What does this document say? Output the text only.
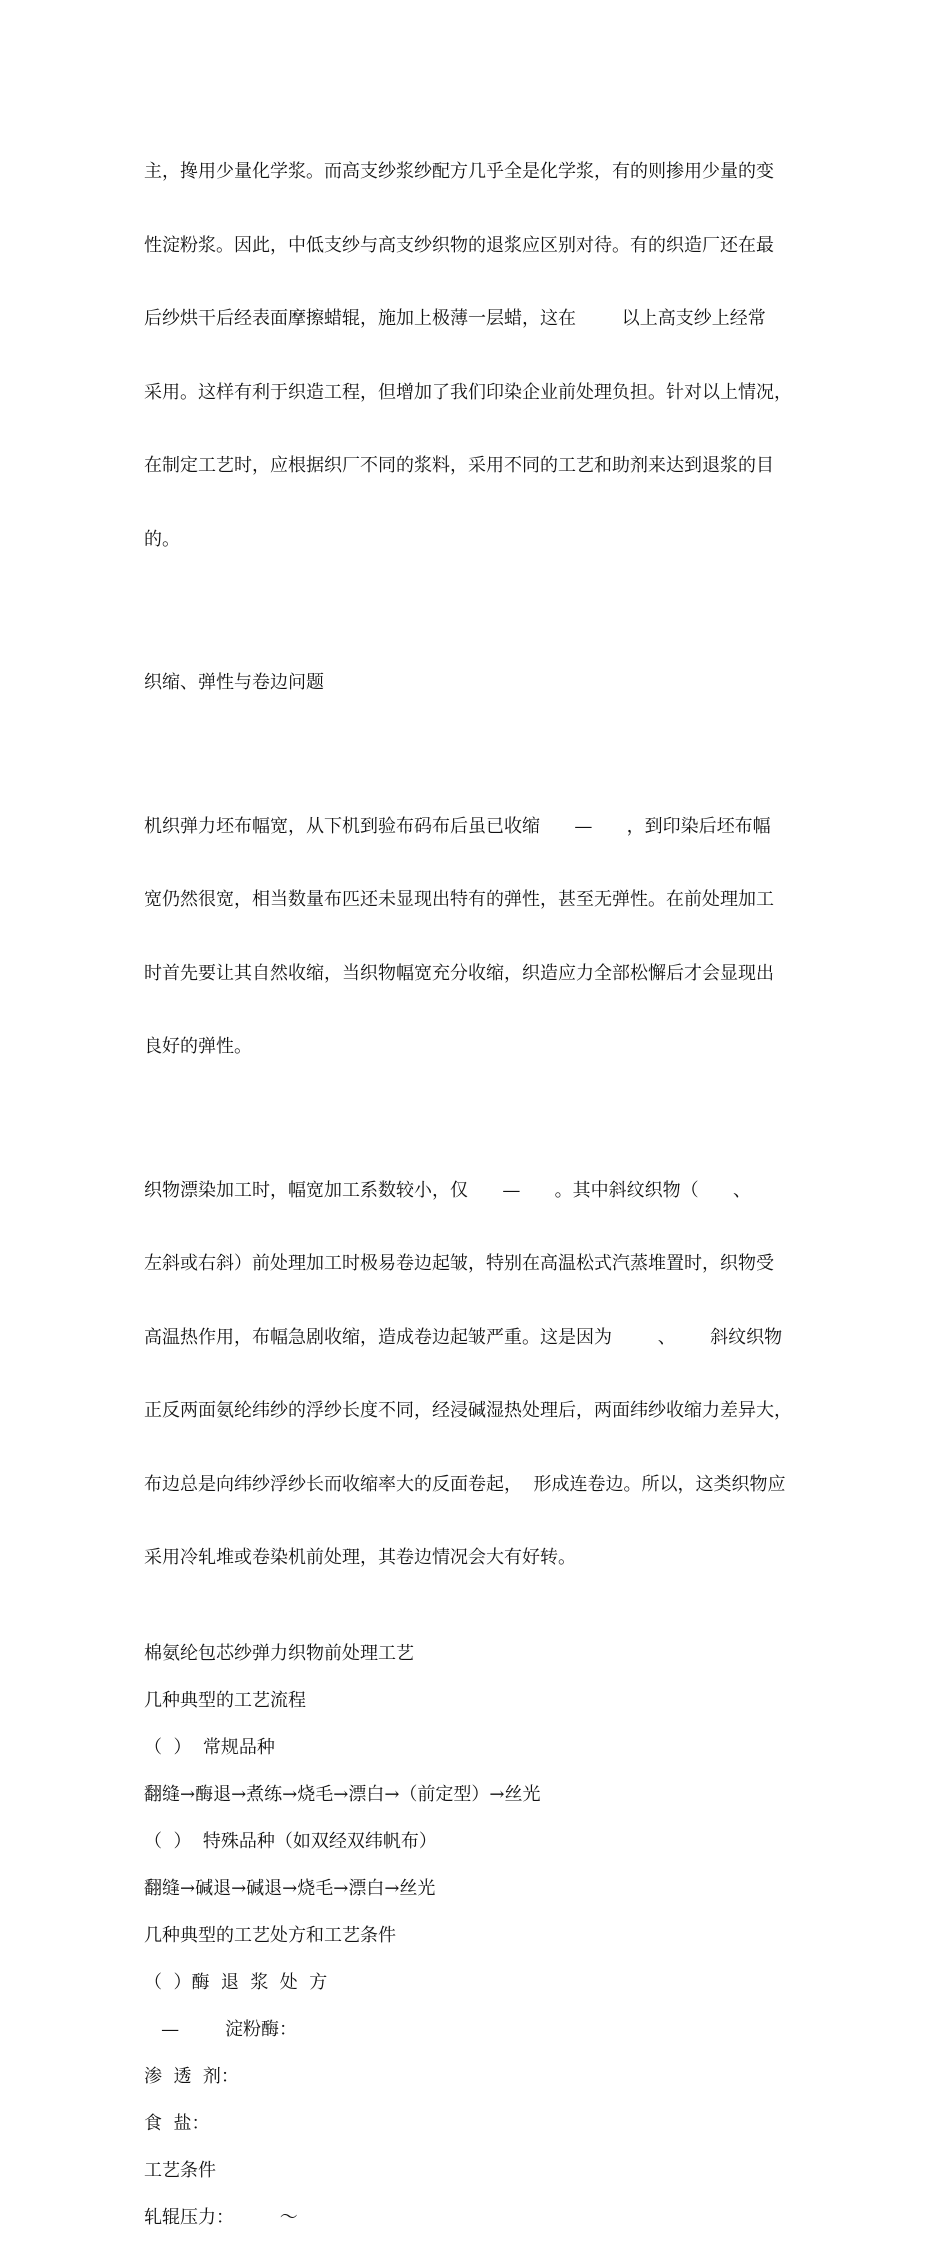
主，搀用少量化学浆。而高支纱浆纱配方几乎全是化学浆，有的则掺用少量的变

性淀粉浆。因此，中低支纱与高支纱织物的退浆应区别对待。有的织造厂还在最

后纱烘干后经表面摩擦蜡辊，施加上极薄一层蜡，这在        以上高支纱上经常

采用。这样有利于织造工程，但增加了我们印染企业前处理负担。针对以上情况，

在制定工艺时，应根据织厂不同的浆料，采用不同的工艺和助剂来达到退浆的目

的。

织缩、弹性与卷边问题

机织弹力坯布幅宽，从下机到验布码布后虽已收缩      —      ，到印染后坯布幅

宽仍然很宽，相当数量布匹还未显现出特有的弹性，甚至无弹性。在前处理加工

时首先要让其自然收缩，当织物幅宽充分收缩，织造应力全部松懈后才会显现出

良好的弹性。

织物漂染加工时，幅宽加工系数较小，仅      —      。其中斜纹织物（      、

左斜或右斜）前处理加工时极易卷边起皱，特别在高温松式汽蒸堆置时，织物受

高温热作用，布幅急剧收缩，造成卷边起皱严重。这是因为        、      斜纹织物

正反两面氨纶纬纱的浮纱长度不同，经浸碱湿热处理后，两面纬纱收缩力差异大，

布边总是向纬纱浮纱长而收缩率大的反面卷起，  形成连卷边。所以，这类织物应

采用冷轧堆或卷染机前处理，其卷边情况会大有好转。

棉氨纶包芯纱弹力织物前处理工艺
几种典型的工艺流程
（  ）  常规品种
翻缝→酶退→煮练→烧毛→漂白→（前定型）→丝光
（  ）  特殊品种（如双经双纬帆布）
翻缝→碱退→碱退→烧毛→漂白→丝光
几种典型的工艺处方和工艺条件
（  ）酶  退  浆  处  方
—        淀粉酶：
渗  透  剂：
食  盐：
工艺条件
轧辊压力：        ～
